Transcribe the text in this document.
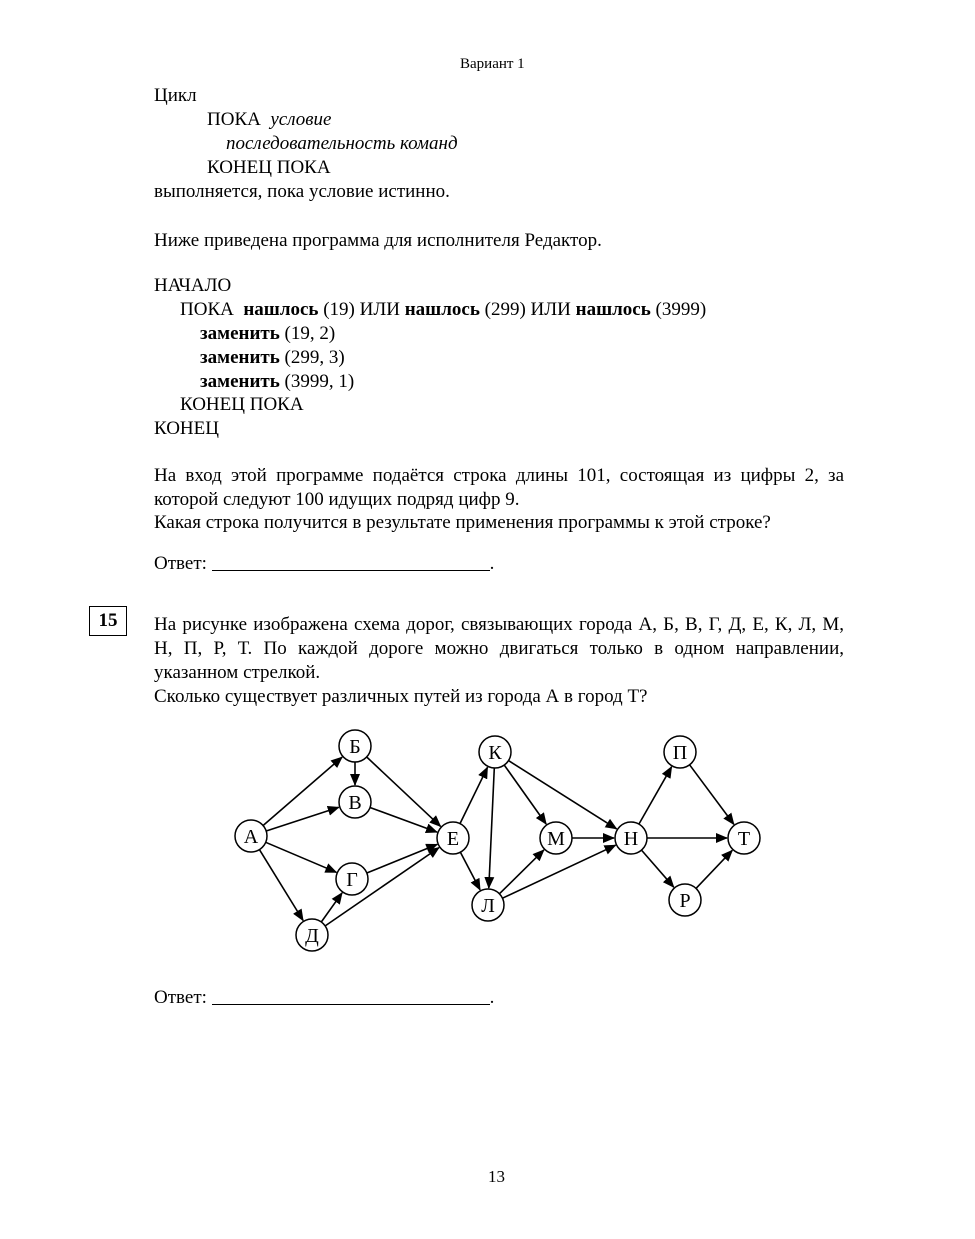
Вариант 1
Цикл
ПОКА условие
последовательность команд
КОНЕЦ ПОКА
выполняется, пока условие истинно.
Ниже приведена программа для исполнителя Редактор.
НАЧАЛО
ПОКА нашлось (19) ИЛИ нашлось (299) ИЛИ нашлось (3999)
заменить (19, 2)
заменить (299, 3)
заменить (3999, 1)
КОНЕЦ ПОКА
КОНЕЦ
На вход этой программе подаётся строка длины 101, состоящая из цифры 2, за которой следуют 100 идущих подряд цифр 9.
Какая строка получится в результате применения программы к этой строке?
Ответ:	.
15	На рисунке изображена схема дорог, связывающих города А, Б, В, Г, Д, Е, К, Л, М, Н, П, Р, Т. По каждой дороге можно двигаться только в одном направлении, указанном стрелкой.
Сколько существует различных путей из города А в город Т?
А
Б
В
Г
Д
Е
К
Л
М	Н
П
Р
Т
Ответ:	.
13
